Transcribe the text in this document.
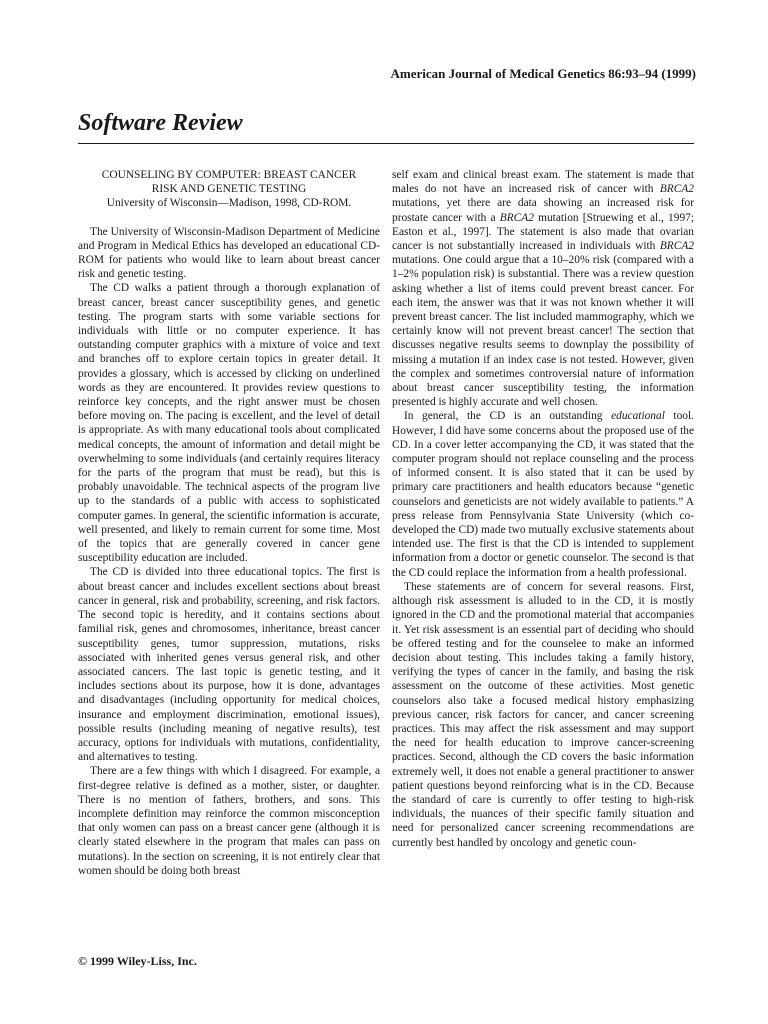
American Journal of Medical Genetics 86:93–94 (1999)
Software Review
COUNSELING BY COMPUTER: BREAST CANCER
RISK AND GENETIC TESTING
University of Wisconsin—Madison, 1998, CD-ROM.

The University of Wisconsin-Madison Department of Medicine and Program in Medical Ethics has developed an educational CD-ROM for patients who would like to learn about breast cancer risk and genetic testing.

The CD walks a patient through a thorough explanation of breast cancer, breast cancer susceptibility genes, and genetic testing. The program starts with some variable sections for individuals with little or no computer experience. It has outstanding computer graphics with a mixture of voice and text and branches off to explore certain topics in greater detail. It provides a glossary, which is accessed by clicking on underlined words as they are encountered. It provides review questions to reinforce key concepts, and the right answer must be chosen before moving on. The pacing is excellent, and the level of detail is appropriate. As with many educational tools about complicated medical concepts, the amount of information and detail might be overwhelming to some individuals (and certainly requires literacy for the parts of the program that must be read), but this is probably unavoidable. The technical aspects of the program live up to the standards of a public with access to sophisticated computer games. In general, the scientific information is accurate, well presented, and likely to remain current for some time. Most of the topics that are generally covered in cancer gene susceptibility education are included.

The CD is divided into three educational topics. The first is about breast cancer and includes excellent sections about breast cancer in general, risk and probability, screening, and risk factors. The second topic is heredity, and it contains sections about familial risk, genes and chromosomes, inheritance, breast cancer susceptibility genes, tumor suppression, mutations, risks associated with inherited genes versus general risk, and other associated cancers. The last topic is genetic testing, and it includes sections about its purpose, how it is done, advantages and disadvantages (including opportunity for medical choices, insurance and employment discrimination, emotional issues), possible results (including meaning of negative results), test accuracy, options for individuals with mutations, confidentiality, and alternatives to testing.

There are a few things with which I disagreed. For example, a first-degree relative is defined as a mother, sister, or daughter. There is no mention of fathers, brothers, and sons. This incomplete definition may reinforce the common misconception that only women can pass on a breast cancer gene (although it is clearly stated elsewhere in the program that males can pass on mutations). In the section on screening, it is not entirely clear that women should be doing both breast

self exam and clinical breast exam. The statement is made that males do not have an increased risk of cancer with BRCA2 mutations, yet there are data showing an increased risk for prostate cancer with a BRCA2 mutation [Struewing et al., 1997; Easton et al., 1997]. The statement is also made that ovarian cancer is not substantially increased in individuals with BRCA2 mutations. One could argue that a 10–20% risk (compared with a 1–2% population risk) is substantial. There was a review question asking whether a list of items could prevent breast cancer. For each item, the answer was that it was not known whether it will prevent breast cancer. The list included mammography, which we certainly know will not prevent breast cancer! The section that discusses negative results seems to downplay the possibility of missing a mutation if an index case is not tested. However, given the complex and sometimes controversial nature of information about breast cancer susceptibility testing, the information presented is highly accurate and well chosen.

In general, the CD is an outstanding educational tool. However, I did have some concerns about the proposed use of the CD. In a cover letter accompanying the CD, it was stated that the computer program should not replace counseling and the process of informed consent. It is also stated that it can be used by primary care practitioners and health educators because “genetic counselors and geneticists are not widely available to patients.” A press release from Pennsylvania State University (which co-developed the CD) made two mutually exclusive statements about intended use. The first is that the CD is intended to supplement information from a doctor or genetic counselor. The second is that the CD could replace the information from a health professional.

These statements are of concern for several reasons. First, although risk assessment is alluded to in the CD, it is mostly ignored in the CD and the promotional material that accompanies it. Yet risk assessment is an essential part of deciding who should be offered testing and for the counselee to make an informed decision about testing. This includes taking a family history, verifying the types of cancer in the family, and basing the risk assessment on the outcome of these activities. Most genetic counselors also take a focused medical history emphasizing previous cancer, risk factors for cancer, and cancer screening practices. This may affect the risk assessment and may support the need for health education to improve cancer-screening practices. Second, although the CD covers the basic information extremely well, it does not enable a general practitioner to answer patient questions beyond reinforcing what is in the CD. Because the standard of care is currently to offer testing to high-risk individuals, the nuances of their specific family situation and need for personalized cancer screening recommendations are currently best handled by oncology and genetic coun-

© 1999 Wiley-Liss, Inc.
